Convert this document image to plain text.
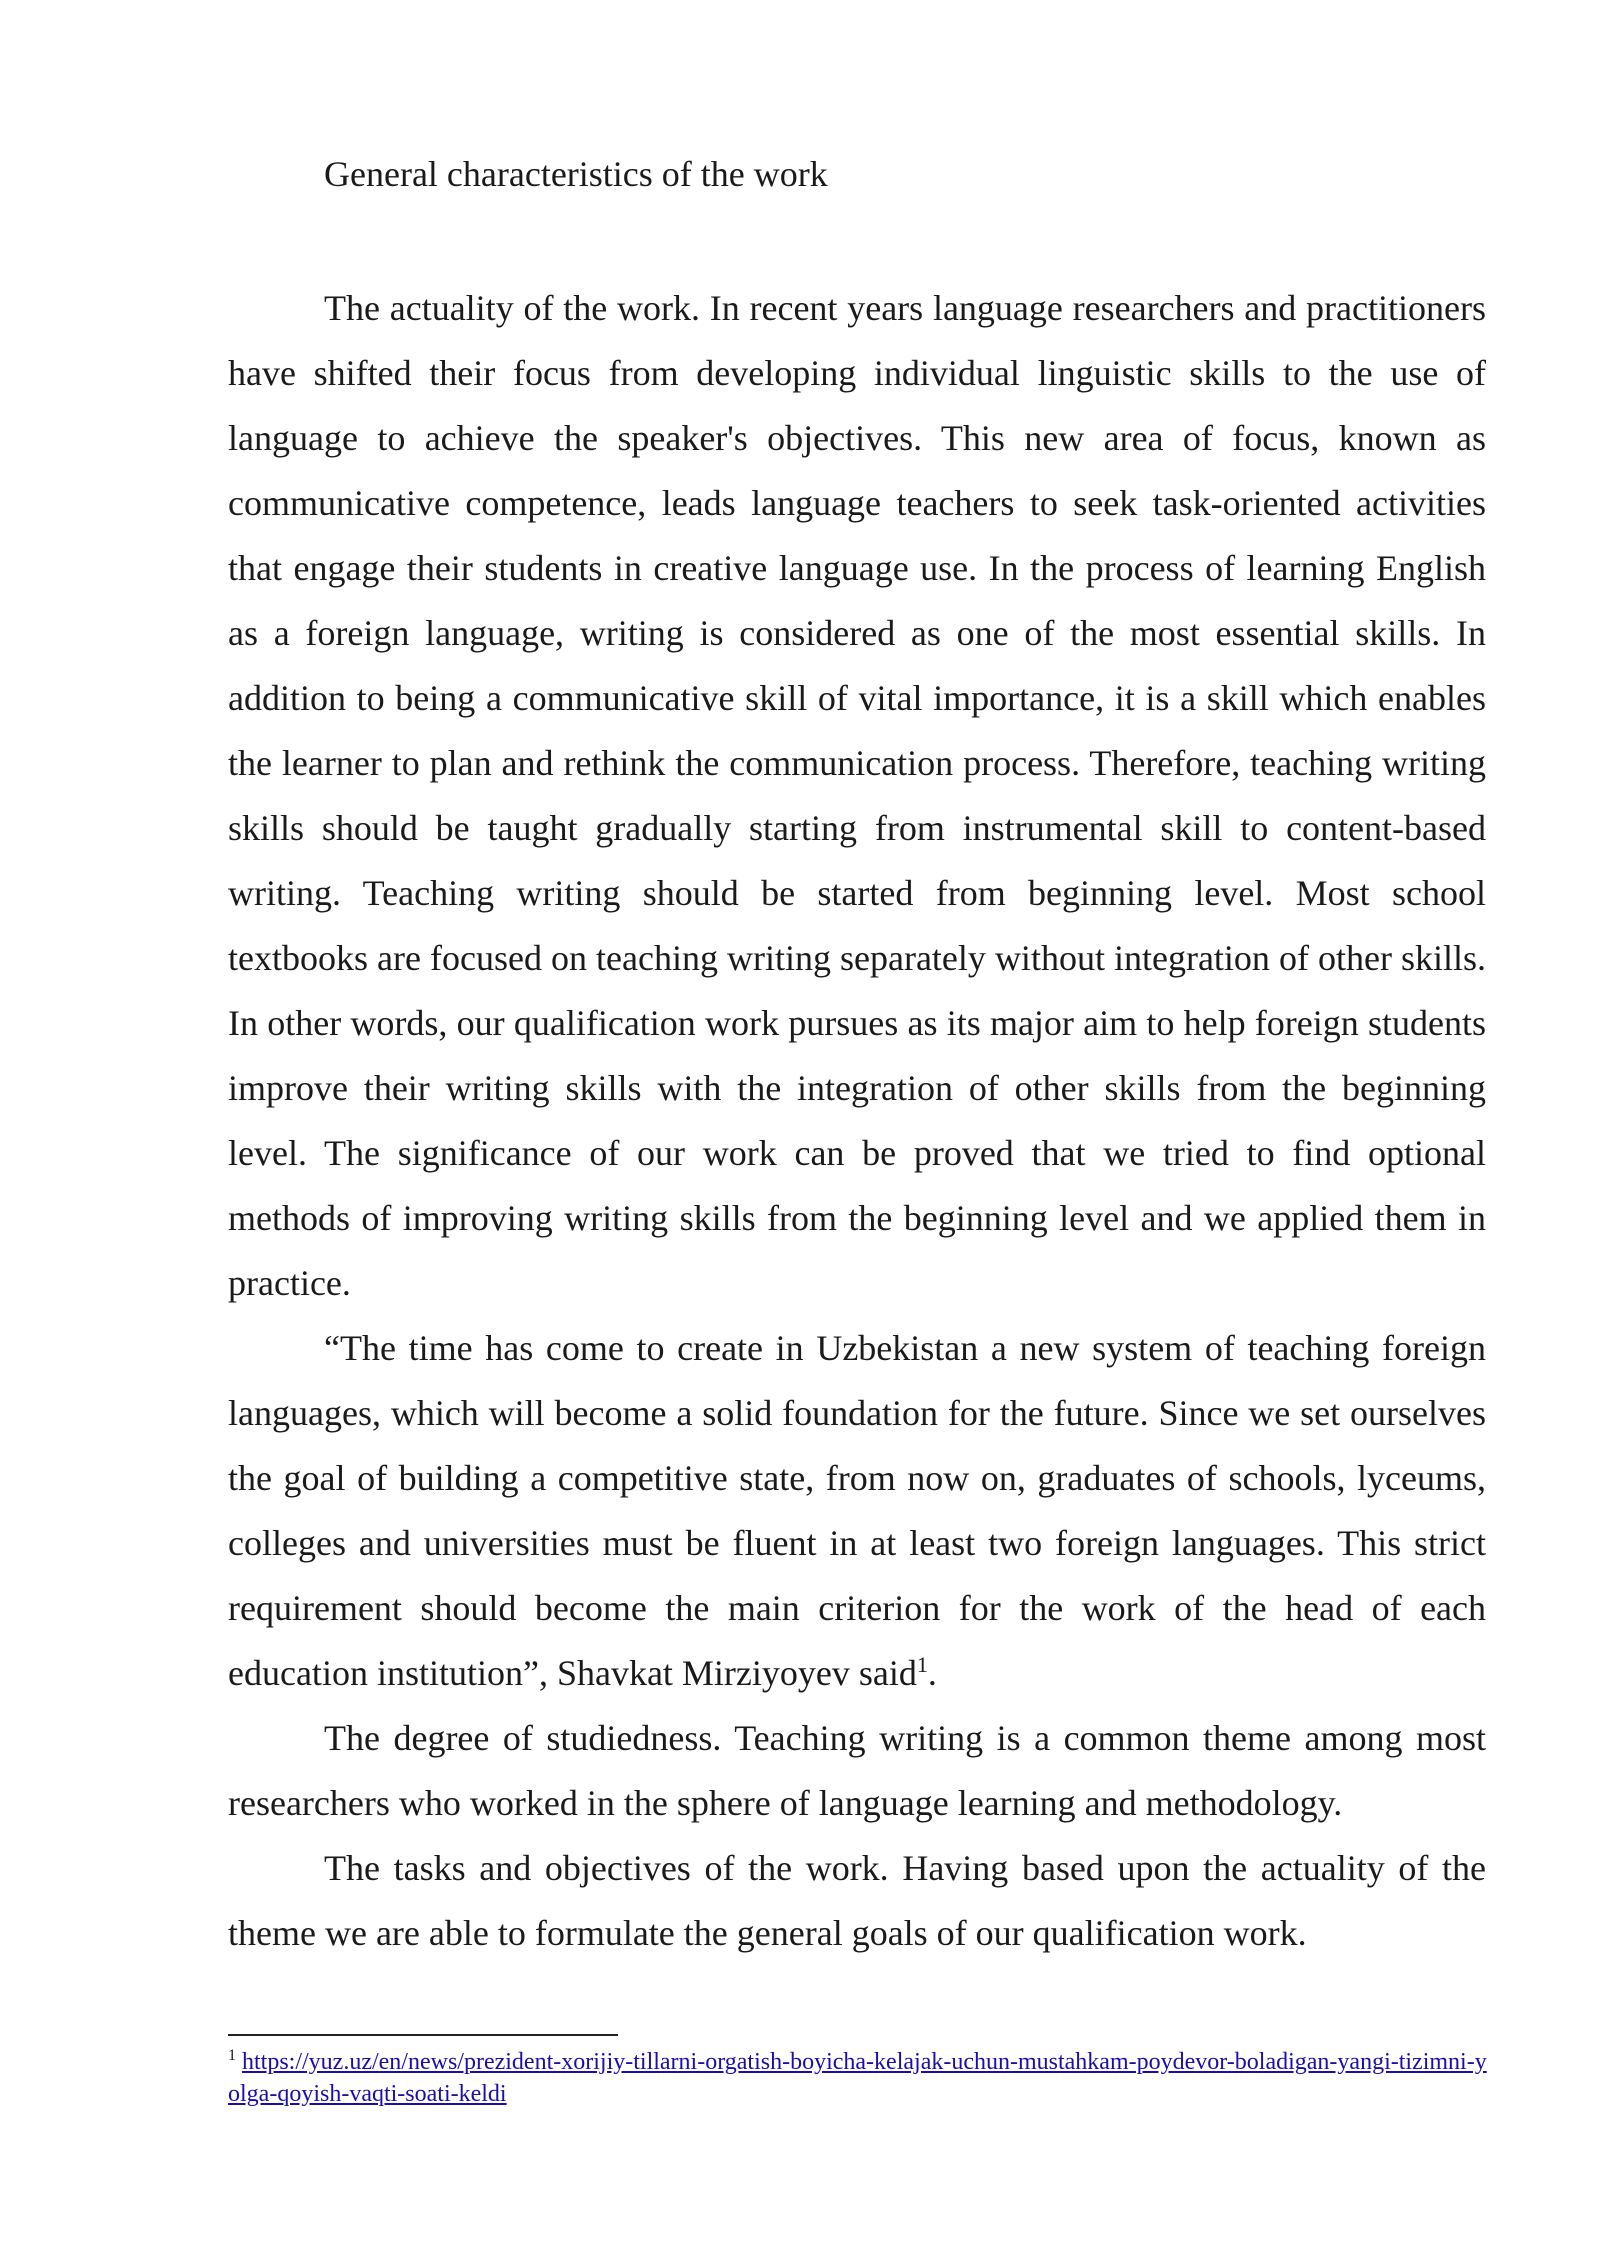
General characteristics of the work

The actuality of the work. In recent years language researchers and practitioners have shifted their focus from developing individual linguistic skills to the use of language to achieve the speaker's objectives. This new area of focus, known as communicative competence, leads language teachers to seek task-oriented activities that engage their students in creative language use. In the process of learning English as a foreign language, writing is considered as one of the most essential skills. In addition to being a communicative skill of vital importance, it is a skill which enables the learner to plan and rethink the communication process. Therefore, teaching writing skills should be taught gradually starting from instrumental skill to content-based writing. Teaching writing should be started from beginning level. Most school textbooks are focused on teaching writing separately without integration of other skills. In other words, our qualification work pursues as its major aim to help foreign students improve their writing skills with the integration of other skills from the beginning level. The significance of our work can be proved that we tried to find optional methods of improving writing skills from the beginning level and we applied them in practice.

“The time has come to create in Uzbekistan a new system of teaching foreign languages, which will become a solid foundation for the future. Since we set ourselves the goal of building a competitive state, from now on, graduates of schools, lyceums, colleges and universities must be fluent in at least two foreign languages. This strict requirement should become the main criterion for the work of the head of each education institution”, Shavkat Mirziyoyev said$^1$.

The degree of studiedness. Teaching writing is a common theme among most researchers who worked in the sphere of language learning and methodology.

The tasks and objectives of the work. Having based upon the actuality of the theme we are able to formulate the general goals of our qualification work.

$^1$ https://yuz.uz/en/news/prezident-xorijiy-tillarni-orgatish-boyicha-kelajak-uchun-mustahkam-poydevor-boladigan-yangi-tizimni-yolga-qoyish-vaqti-soati-keldi
